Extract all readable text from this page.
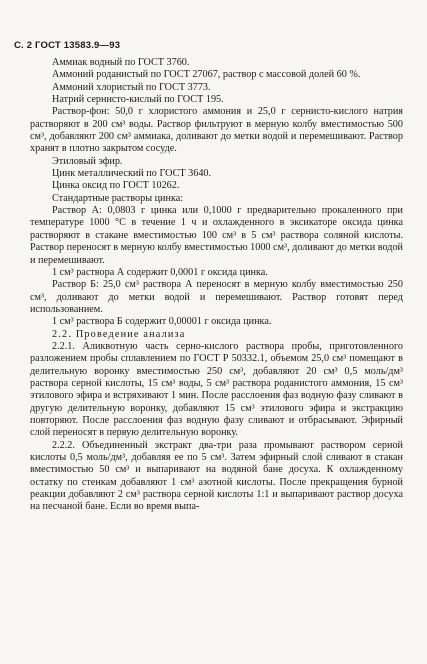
С. 2 ГОСТ 13583.9—93

Аммиак водный по ГОСТ 3760.

Аммоний роданистый по ГОСТ 27067, раствор с массовой долей 60 %.

Аммоний хлористый по ГОСТ 3773.

Натрий сернисто-кислый по ГОСТ 195.

Раствор-фон: 50,0 г хлористого аммония и 25,0 г сернисто-кислого натрия растворяют в 200 см³ воды. Раствор фильтруют в мерную колбу вместимостью 500 см³, добавляют 200 см³ аммиака, доливают до метки водой и перемешивают. Раствор хранят в плотно закрытом сосуде.

Этиловый эфир.

Цинк металлический по ГОСТ 3640.

Цинка оксид по ГОСТ 10262.

Стандартные растворы цинка:

Раствор А: 0,0803 г цинка или 0,1000 г предварительно прокаленного при температуре 1000 °С в течение 1 ч и охлажденного в эксикаторе оксида цинка растворяют в стакане вместимостью 100 см³ в 5 см³ раствора соляной кислоты. Раствор переносят в мерную колбу вместимостью 1000 см³, доливают до метки водой и перемешивают.

1 см³ раствора А содержит 0,0001 г оксида цинка.

Раствор Б: 25,0 см³ раствора А переносят в мерную колбу вместимостью 250 см³, доливают до метки водой и перемешивают. Раствор готовят перед использованием.

1 см³ раствора Б содержит 0,00001 г оксида цинка.

2.2. Проведение анализа

2.2.1. Аликвотную часть серно-кислого раствора пробы, приготовленного разложением пробы сплавлением по ГОСТ Р 50332.1, объемом 25,0 см³ помещают в делительную воронку вместимостью 250 см³, добавляют 20 см³ 0,5 моль/дм³ раствора серной кислоты, 15 см³ воды, 5 см³ раствора роданистого аммония, 15 см³ этилового эфира и встряхивают 1 мин. После расслоения фаз водную фазу сливают в другую делительную воронку, добавляют 15 см³ этилового эфира и экстракцию повторяют. После расслоения фаз водную фазу сливают и отбрасывают. Эфирный слой переносят в первую делительную воронку.

2.2.2. Объединенный экстракт два-три раза промывают раствором серной кислоты 0,5 моль/дм³, добавляя ее по 5 см³. Затем эфирный слой сливают в стакан вместимостью 50 см³ и выпаривают на водяной бане досуха. К охлажденному остатку по стенкам добавляют 1 см³ азотной кислоты. После прекращения бурной реакции добавляют 2 см³ раствора серной кислоты 1:1 и выпаривают раствор досуха на песчаной бане. Если во время выпа-
